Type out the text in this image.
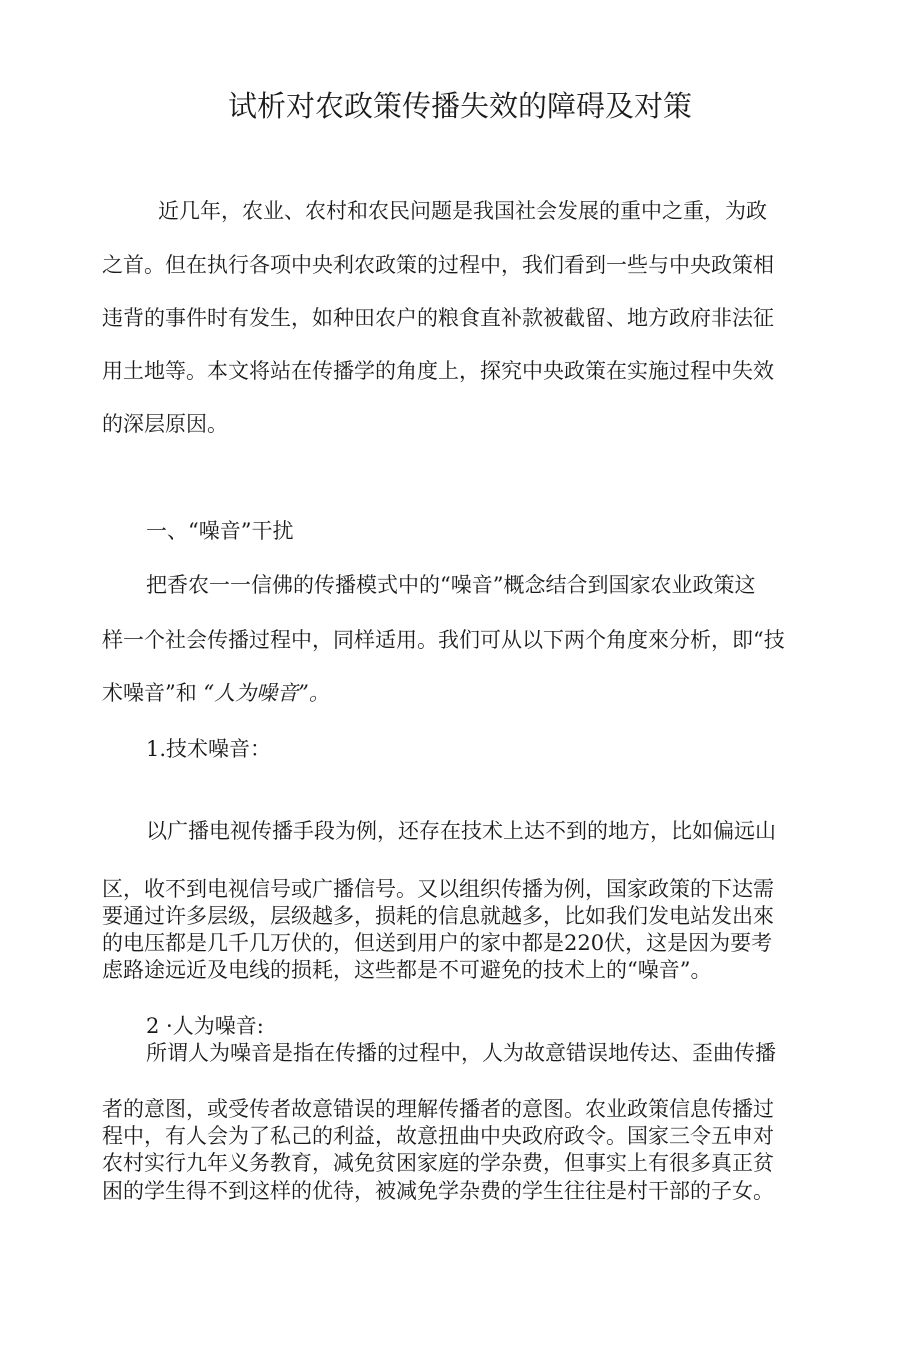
试析对农政策传播失效的障碍及对策

近几年，农业、农村和农民问题是我国社会发展的重中之重，为政

之首。但在执行各项中央利农政策的过程中，我们看到一些与中央政策相

违背的事件时有发生，如种田农户的粮食直补款被截留、地方政府非法征

用土地等。本文将站在传播学的角度上，探究中央政策在实施过程中失效

的深层原因。

一、“噪音”干扰

把香农一一信佛的传播模式中的“噪音”概念结合到国家农业政策这

样一个社会传播过程中，同样适用。我们可从以下两个角度來分析，即“技

术噪音”和 “人为噪音”。

1.技术噪音：

以广播电视传播手段为例，还存在技术上达不到的地方，比如偏远山

区，收不到电视信号或广播信号。又以组织传播为例，国家政策的下达需

要通过许多层级，层级越多，损耗的信息就越多，比如我们发电站发出來

的电压都是几千几万伏的，但送到用户的家中都是220伏，这是因为要考

虑路途远近及电线的损耗，这些都是不可避免的技术上的“噪音”。

2 ·人为噪音:

所谓人为噪音是指在传播的过程中，人为故意错误地传达、歪曲传播

者的意图，或受传者故意错误的理解传播者的意图。农业政策信息传播过

程中，有人会为了私己的利益，故意扭曲中央政府政令。国家三令五申对

农村实行九年义务教育，减免贫困家庭的学杂费，但事实上有很多真正贫

困的学生得不到这样的优待，被减免学杂费的学生往往是村干部的子女。
